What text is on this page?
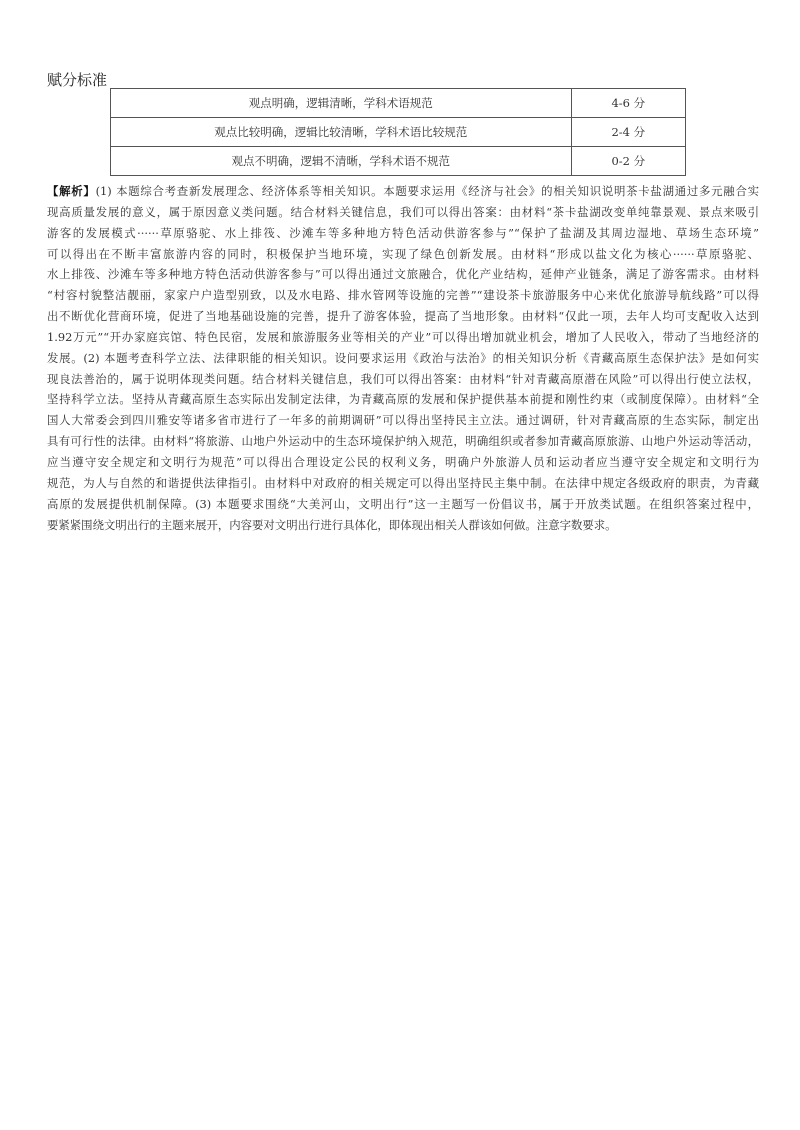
赋分标准
观点明确，逻辑清晰，学科术语规范	4-6 分
观点比较明确，逻辑比较清晰，学科术语比较规范	2-4 分
观点不明确，逻辑不清晰，学科术语不规范	0-2 分
【解析】(1) 本题综合考查新发展理念、经济体系等相关知识。本题要求运用《经济与社会》的相关知识说明茶卡盐湖通过多元融合实
现高质量发展的意义，属于原因意义类问题。结合材料关键信息，我们可以得出答案：由材料“茶卡盐湖改变单纯靠景观、景点来吸引
游客的发展模式······草原骆驼、水上排筏、沙滩车等多种地方特色活动供游客参与”“保护了盐湖及其周边湿地、草场生态环境”
可以得出在不断丰富旅游内容的同时，积极保护当地环境，实现了绿色创新发展。由材料“形成以盐文化为核心······草原骆驼、
水上排筏、沙滩车等多种地方特色活动供游客参与”可以得出通过文旅融合，优化产业结构，延伸产业链条，满足了游客需求。由材料
“村容村貌整洁靓丽，家家户户造型别致，以及水电路、排水管网等设施的完善”“建设茶卡旅游服务中心来优化旅游导航线路”可以得
出不断优化营商环境，促进了当地基础设施的完善，提升了游客体验，提高了当地形象。由材料“仅此一项，去年人均可支配收入达到
1.92万元”“开办家庭宾馆、特色民宿，发展和旅游服务业等相关的产业”可以得出增加就业机会，增加了人民收入，带动了当地经济的
发展。(2) 本题考查科学立法、法律职能的相关知识。设问要求运用《政治与法治》的相关知识分析《青藏高原生态保护法》是如何实
现良法善治的，属于说明体现类问题。结合材料关键信息，我们可以得出答案：由材料“针对青藏高原潜在风险”可以得出行使立法权，
坚持科学立法。坚持从青藏高原生态实际出发制定法律，为青藏高原的发展和保护提供基本前提和刚性约束（或制度保障）。由材料“全
国人大常委会到四川雅安等诸多省市进行了一年多的前期调研”可以得出坚持民主立法。通过调研，针对青藏高原的生态实际，制定出
具有可行性的法律。由材料“将旅游、山地户外运动中的生态环境保护纳入规范，明确组织或者参加青藏高原旅游、山地户外运动等活动，
应当遵守安全规定和文明行为规范”可以得出合理设定公民的权利义务，明确户外旅游人员和运动者应当遵守安全规定和文明行为
规范，为人与自然的和谐提供法律指引。由材料中对政府的相关规定可以得出坚持民主集中制。在法律中规定各级政府的职责，为青藏
高原的发展提供机制保障。(3) 本题要求围绕“大美河山，文明出行”这一主题写一份倡议书，属于开放类试题。在组织答案过程中，
要紧紧围绕文明出行的主题来展开，内容要对文明出行进行具体化，即体现出相关人群该如何做。注意字数要求。
